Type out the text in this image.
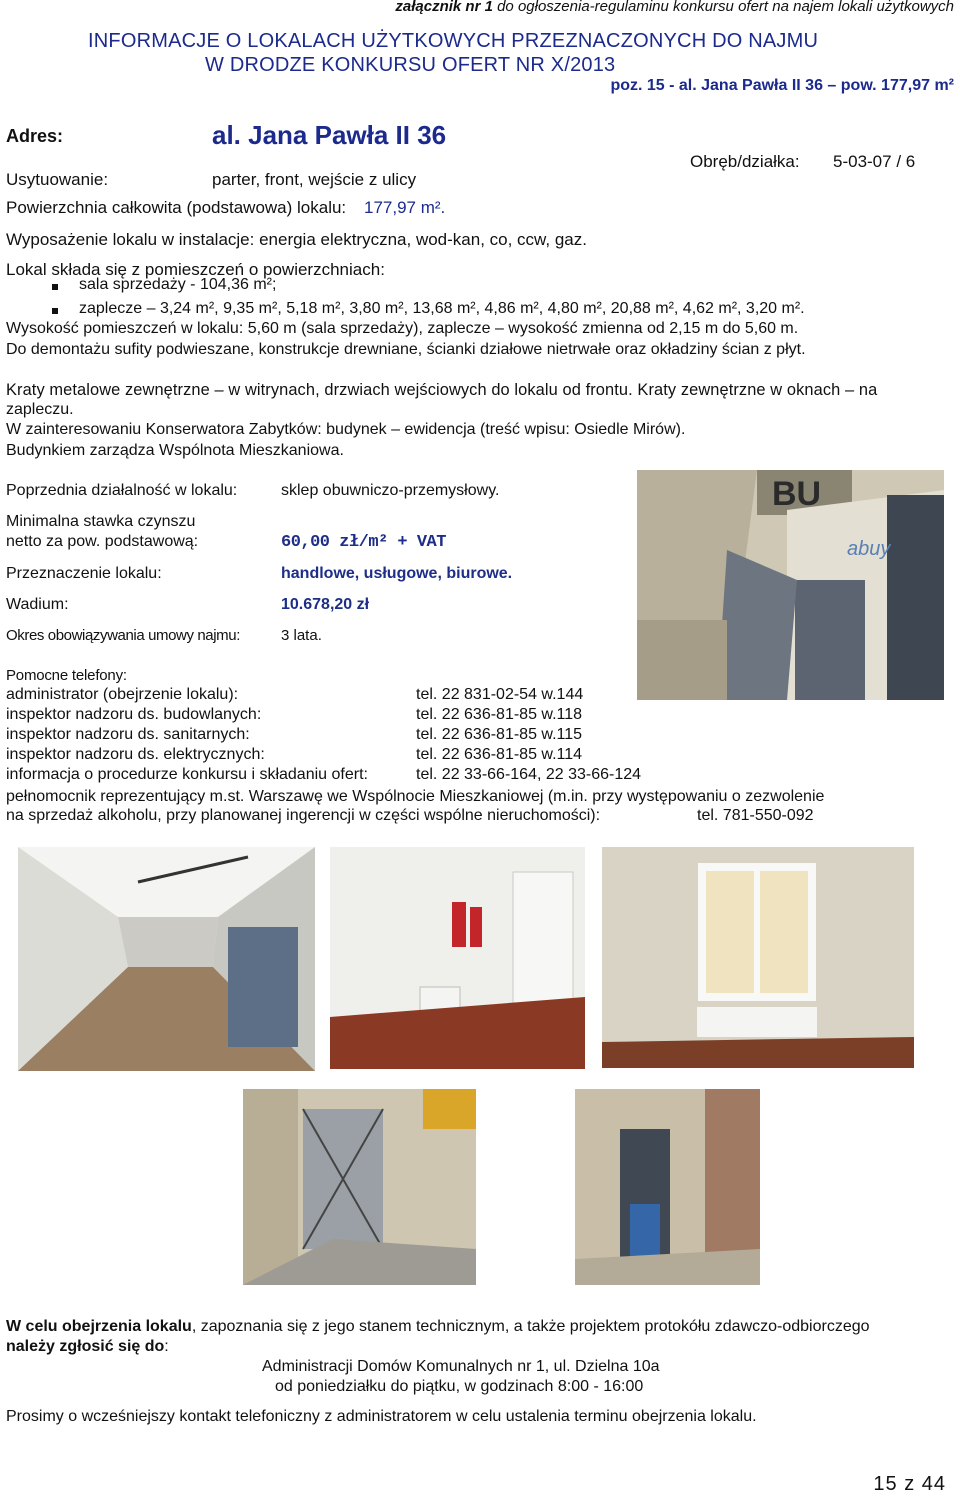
załącznik nr 1 do ogłoszenia-regulaminu konkursu ofert na najem lokali użytkowych
INFORMACJE O LOKALACH UŻYTKOWYCH PRZEZNACZONYCH DO NAJMU
W DRODZE KONKURSU OFERT NR X/2013
poz. 15 - al. Jana Pawła II 36 – pow. 177,97 m²
Adres:	al. Jana Pawła II 36
Obręb/działka: 5-03-07 / 6
Usytuowanie:	parter, front, wejście z ulicy
Powierzchnia całkowita (podstawowa) lokalu: 177,97 m².
Wyposażenie lokalu w instalacje: energia elektryczna, wod-kan, co, ccw, gaz.
Lokal składa się z pomieszczeń o powierzchniach:
sala sprzedaży - 104,36 m²;
zaplecze – 3,24 m², 9,35 m², 5,18 m², 3,80 m², 13,68 m², 4,86 m², 4,80 m², 20,88 m², 4,62 m², 3,20 m².
Wysokość pomieszczeń w lokalu: 5,60 m (sala sprzedaży), zaplecze – wysokość zmienna od 2,15 m do 5,60 m.
Do demontażu sufity podwieszane, konstrukcje drewniane, ścianki działowe nietrwałe oraz okładziny ścian z płyt.
Kraty metalowe zewnętrzne – w witrynach, drzwiach wejściowych do lokalu od frontu. Kraty zewnętrzne w oknach – na
zapleczu.
W zainteresowaniu Konserwatora Zabytków: budynek – ewidencja (treść wpisu: Osiedle Mirów).
Budynkiem zarządza Wspólnota Mieszkaniowa.
Poprzednia działalność w lokalu:	sklep obuwniczo-przemysłowy.
Minimalna stawka czynszu
netto za pow. podstawową:	60,00 zł/m² + VAT
Przeznaczenie lokalu:	handlowe, usługowe, biurowe.
Wadium:	10.678,20 zł
Okres obowiązywania umowy najmu:	3 lata.
BU
abuy
Pomocne telefony:
administrator (obejrzenie lokalu):	tel. 22 831-02-54 w.144
inspektor nadzoru ds. budowlanych:	tel. 22 636-81-85 w.118
inspektor nadzoru ds. sanitarnych:	tel. 22 636-81-85 w.115
inspektor nadzoru ds. elektrycznych:	tel. 22 636-81-85 w.114
informacja o procedurze konkursu i składaniu ofert:	tel. 22 33-66-164, 22 33-66-124
pełnomocnik reprezentujący m.st. Warszawę we Wspólnocie Mieszkaniowej (m.in. przy występowaniu o zezwolenie
na sprzedaż alkoholu, przy planowanej ingerencji w części wspólne nieruchomości):	tel. 781-550-092
W celu obejrzenia lokalu, zapoznania się z jego stanem technicznym, a także projektem protokółu zdawczo-odbiorczego
należy zgłosić się do:
Administracji Domów Komunalnych nr 1, ul. Dzielna 10a
od poniedziałku do piątku, w godzinach 8:00 - 16:00
Prosimy o wcześniejszy kontakt telefoniczny z administratorem w celu ustalenia terminu obejrzenia lokalu.
15 z 44
